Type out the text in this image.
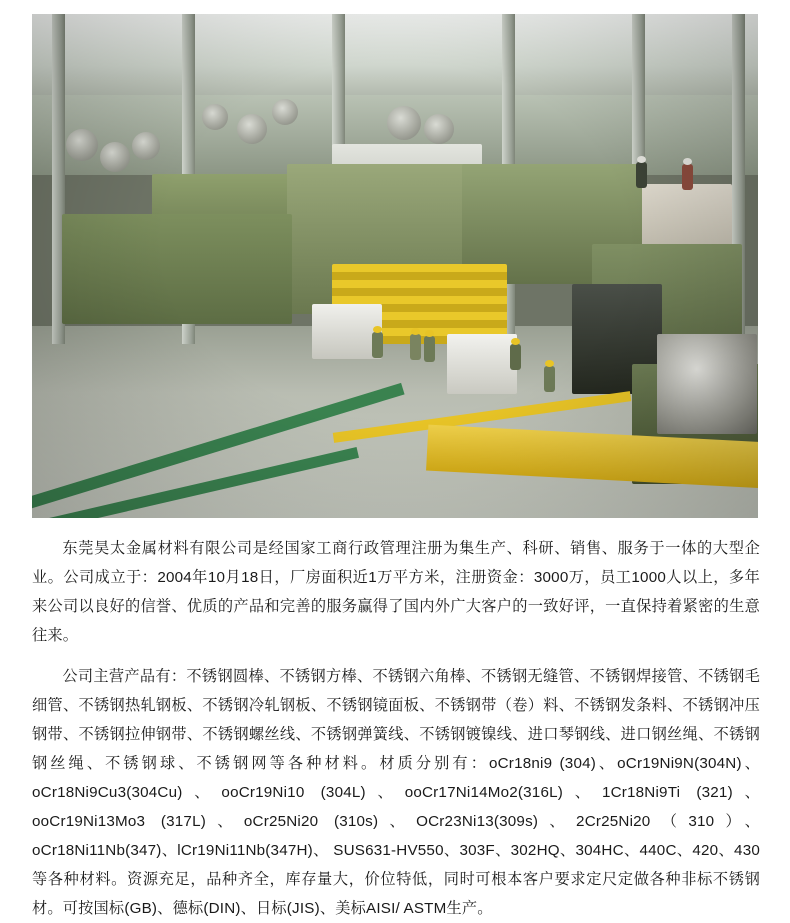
东莞昊太金属材料有限公司是经国家工商行政管理注册为集生产、科研、销售、服务于一体的大型企业。公司成立于：2004年10月18日，厂房面积近1万平方米，注册资金：3000万，员工1000人以上，多年来公司以良好的信誉、优质的产品和完善的服务赢得了国内外广大客户的一致好评，一直保持着紧密的生意往来。

公司主营产品有：不锈钢圆棒、不锈钢方棒、不锈钢六角棒、不锈钢无缝管、不锈钢焊接管、不锈钢毛细管、不锈钢热轧钢板、不锈钢冷轧钢板、不锈钢镜面板、不锈钢带（卷）料、不锈钢发条料、不锈钢冲压钢带、不锈钢拉伸钢带、不锈钢螺丝线、不锈钢弹簧线、不锈钢镀镍线、进口琴钢线、进口钢丝绳、不锈钢钢丝绳、不锈钢球、不锈钢网等各种材料。材质分别有：oCr18ni9 (304)、oCr19Ni9N(304N)、oCr18Ni9Cu3(304Cu)、ooCr19Ni10 (304L)、ooCr17Ni14Mo2(316L)、1Cr18Ni9Ti (321)、ooCr19Ni13Mo3 (317L)、oCr25Ni20 (310s)、OCr23Ni13(309s)、2Cr25Ni20（310）、oCr18Ni11Nb(347)、lCr19Ni11Nb(347H)、 SUS631-HV550、303F、302HQ、304HC、440C、420、430等各种材料。资源充足，品种齐全，库存量大，价位特低，同时可根本客户要求定尺定做各种非标不锈钢材。可按国标(GB)、德标(DIN)、日标(JIS)、美标AISI/ ASTM生产。
